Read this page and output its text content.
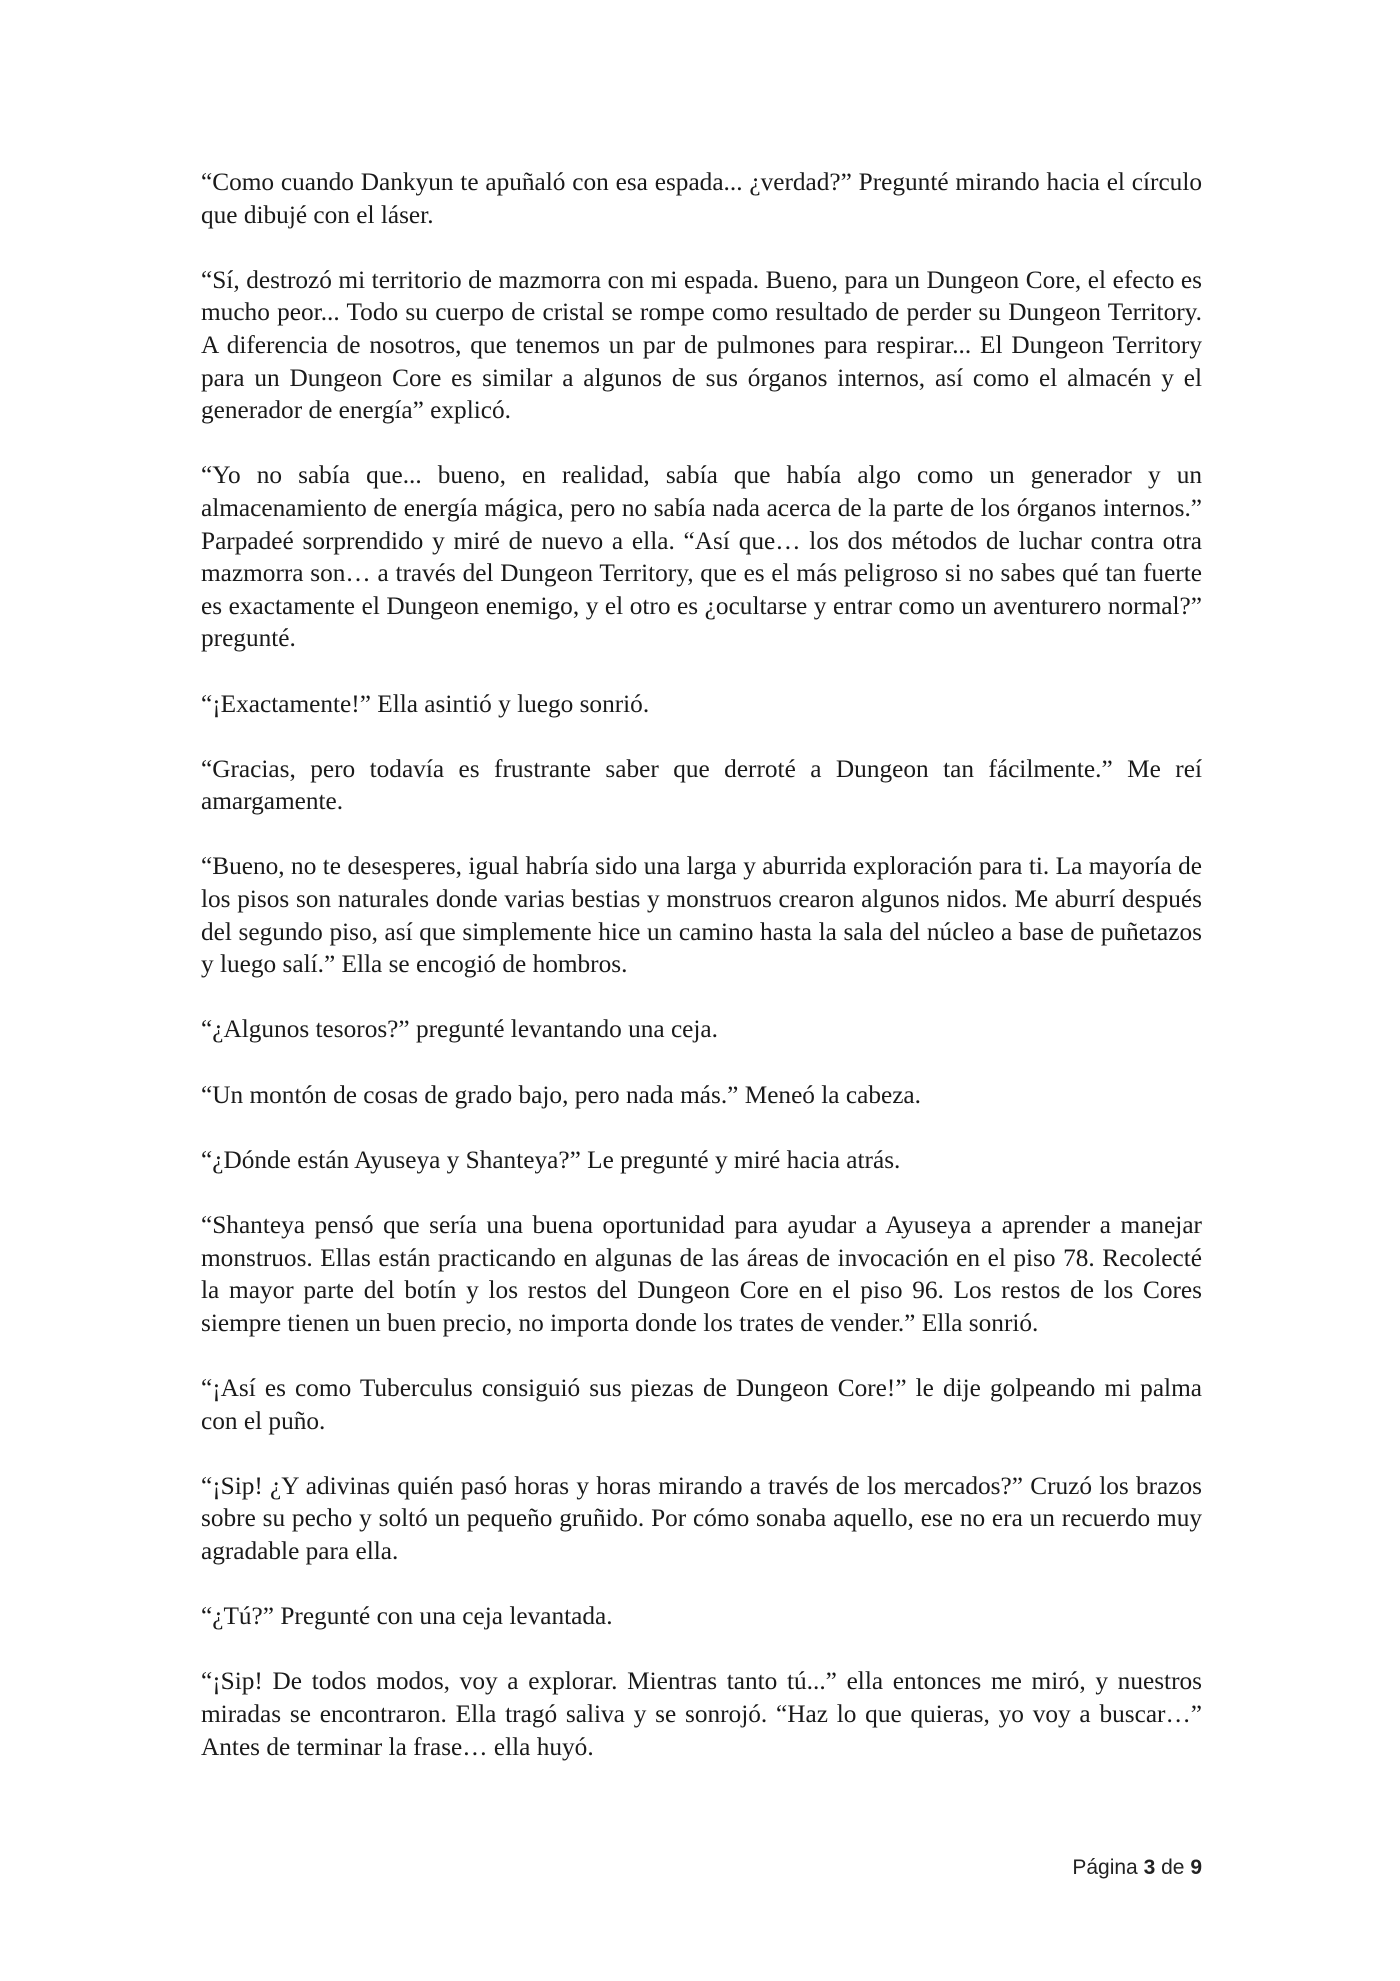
“Como cuando Dankyun te apuñaló con esa espada... ¿verdad?” Pregunté mirando hacia el círculo que dibujé con el láser.

“Sí, destrozó mi territorio de mazmorra con mi espada. Bueno, para un Dungeon Core, el efecto es mucho peor... Todo su cuerpo de cristal se rompe como resultado de perder su Dungeon Territory. A diferencia de nosotros, que tenemos un par de pulmones para respirar... El Dungeon Territory para un Dungeon Core es similar a algunos de sus órganos internos, así como el almacén y el generador de energía” explicó.

“Yo no sabía que... bueno, en realidad, sabía que había algo como un generador y un almacenamiento de energía mágica, pero no sabía nada acerca de la parte de los órganos internos.” Parpadeé sorprendido y miré de nuevo a ella. “Así que… los dos métodos de luchar contra otra mazmorra son… a través del Dungeon Territory, que es el más peligroso si no sabes qué tan fuerte es exactamente el Dungeon enemigo, y el otro es ¿ocultarse y entrar como un aventurero normal?” pregunté.

“¡Exactamente!” Ella asintió y luego sonrió.

“Gracias, pero todavía es frustrante saber que derroté a Dungeon tan fácilmente.” Me reí amargamente.

“Bueno, no te desesperes, igual habría sido una larga y aburrida exploración para ti. La mayoría de los pisos son naturales donde varias bestias y monstruos crearon algunos nidos. Me aburrí después del segundo piso, así que simplemente hice un camino hasta la sala del núcleo a base de puñetazos y luego salí.” Ella se encogió de hombros.

“¿Algunos tesoros?” pregunté levantando una ceja.

“Un montón de cosas de grado bajo, pero nada más.” Meneó la cabeza.

“¿Dónde están Ayuseya y Shanteya?” Le pregunté y miré hacia atrás.

“Shanteya pensó que sería una buena oportunidad para ayudar a Ayuseya a aprender a manejar monstruos. Ellas están practicando en algunas de las áreas de invocación en el piso 78. Recolecté la mayor parte del botín y los restos del Dungeon Core en el piso 96. Los restos de los Cores siempre tienen un buen precio, no importa donde los trates de vender.” Ella sonrió.

“¡Así es como Tuberculus consiguió sus piezas de Dungeon Core!” le dije golpeando mi palma con el puño.

“¡Sip! ¿Y adivinas quién pasó horas y horas mirando a través de los mercados?” Cruzó los brazos sobre su pecho y soltó un pequeño gruñido. Por cómo sonaba aquello, ese no era un recuerdo muy agradable para ella.

“¿Tú?” Pregunté con una ceja levantada.

“¡Sip! De todos modos, voy a explorar. Mientras tanto tú...” ella entonces me miró, y nuestros miradas se encontraron. Ella tragó saliva y se sonrojó. “Haz lo que quieras, yo voy a buscar…” Antes de terminar la frase… ella huyó.

Página 3 de 9
